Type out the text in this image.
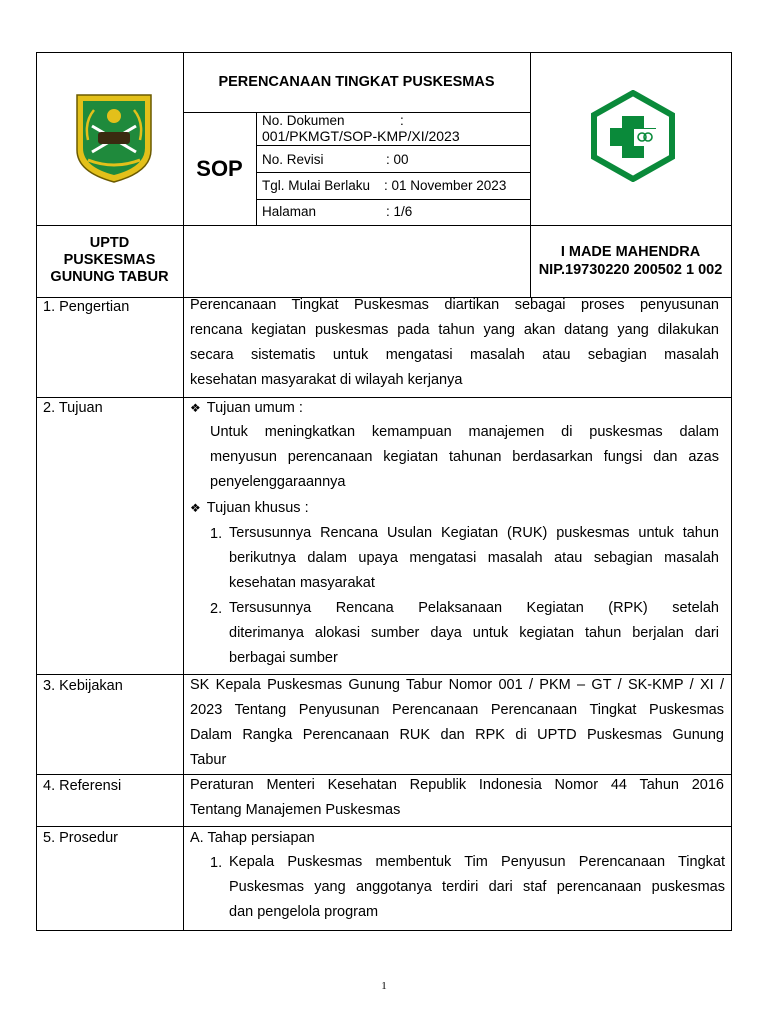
PERENCANAAN TINGKAT PUSKESMAS
SOP
No. Dokumen	:
001/PKMGT/SOP-KMP/XI/2023
No. Revisi	: 00
Tgl. Mulai Berlaku : 01 November 2023
Halaman	: 1/6
UPTD
PUSKESMAS
GUNUNG TABUR
I MADE MAHENDRA
NIP.19730220 200502 1 002
1. Pengertian	Perencanaan Tingkat Puskesmas diartikan sebagai proses penyusunan
rencana kegiatan puskesmas pada tahun yang akan datang yang dilakukan
secara sistematis untuk mengatasi masalah atau sebagian masalah
kesehatan masyarakat di wilayah kerjanya
2. Tujuan	❖ Tujuan umum :
Untuk meningkatkan kemampuan manajemen di puskesmas dalam
menyusun perencanaan kegiatan tahunan berdasarkan fungsi dan azas
penyelenggaraannya
❖ Tujuan khusus :
1. Tersusunnya Rencana Usulan Kegiatan (RUK) puskesmas untuk tahun
berikutnya dalam upaya mengatasi masalah atau sebagian masalah
kesehatan masyarakat
2. Tersusunnya Rencana Pelaksanaan Kegiatan (RPK) setelah
diterimanya alokasi sumber daya untuk kegiatan tahun berjalan dari
berbagai sumber
3. Kebijakan	SK Kepala Puskesmas Gunung Tabur Nomor 001 / PKM – GT / SK-KMP / XI /
2023 Tentang Penyusunan Perencanaan Perencanaan Tingkat Puskesmas
Dalam Rangka Perencanaan RUK dan RPK di UPTD Puskesmas Gunung
Tabur
4. Referensi	Peraturan Menteri Kesehatan Republik Indonesia Nomor 44 Tahun 2016
Tentang Manajemen Puskesmas
5. Prosedur	A. Tahap persiapan
1. Kepala Puskesmas membentuk Tim Penyusun Perencanaan Tingkat
Puskesmas yang anggotanya terdiri dari staf perencanaan puskesmas
dan pengelola program
1
